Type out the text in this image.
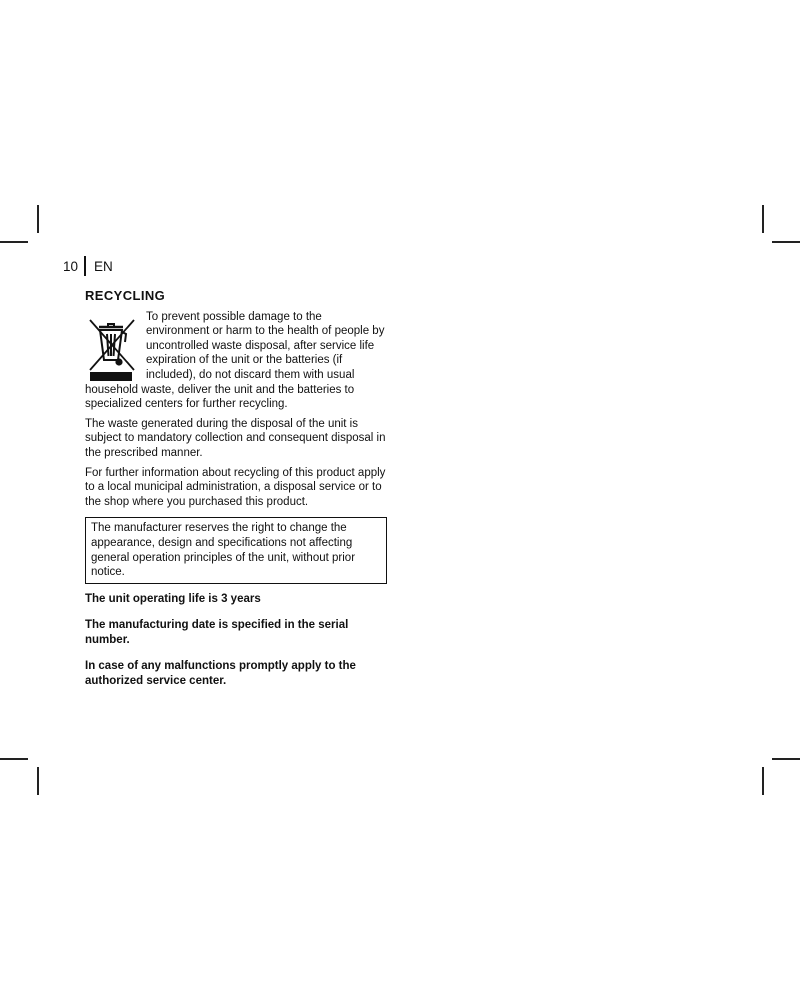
10 EN
RECYCLING

To prevent possible damage to the environment or harm to the health of people by uncontrolled waste disposal, after service life expiration of the unit or the batteries (if included), do not discard them with usual household waste, deliver the unit and the batteries to specialized centers for further recycling.

The waste generated during the disposal of the unit is subject to mandatory collection and consequent disposal in the prescribed manner.

For further information about recycling of this product apply to a local municipal administration, a disposal service or to the shop where you purchased this product.

The manufacturer reserves the right to change the appearance, design and specifications not affecting general operation principles of the unit, without prior notice.

The unit operating life is 3 years

The manufacturing date is specified in the serial number.

In case of any malfunctions promptly apply to the authorized service center.
